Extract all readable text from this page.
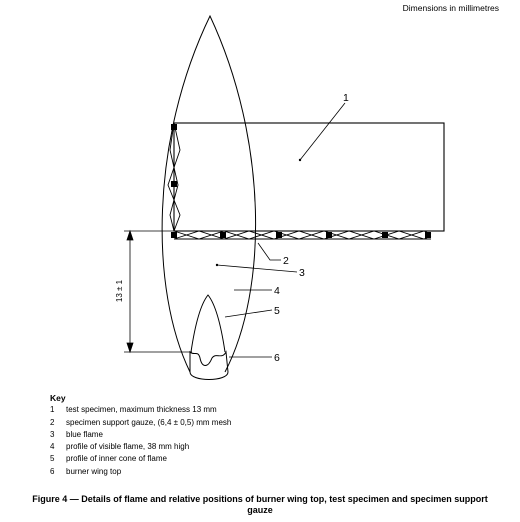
Dimensions in millimetres
13 ± 1
1
2
3
4
5
6
Key
1	test specimen, maximum thickness 13 mm
2	specimen support gauze, (6,4 ± 0,5) mm mesh
3	blue flame
4	profile of visible flame, 38 mm high
5	profile of inner cone of flame
6	burner wing top
Figure 4 — Details of flame and relative positions of burner wing top, test specimen and specimen support gauze
